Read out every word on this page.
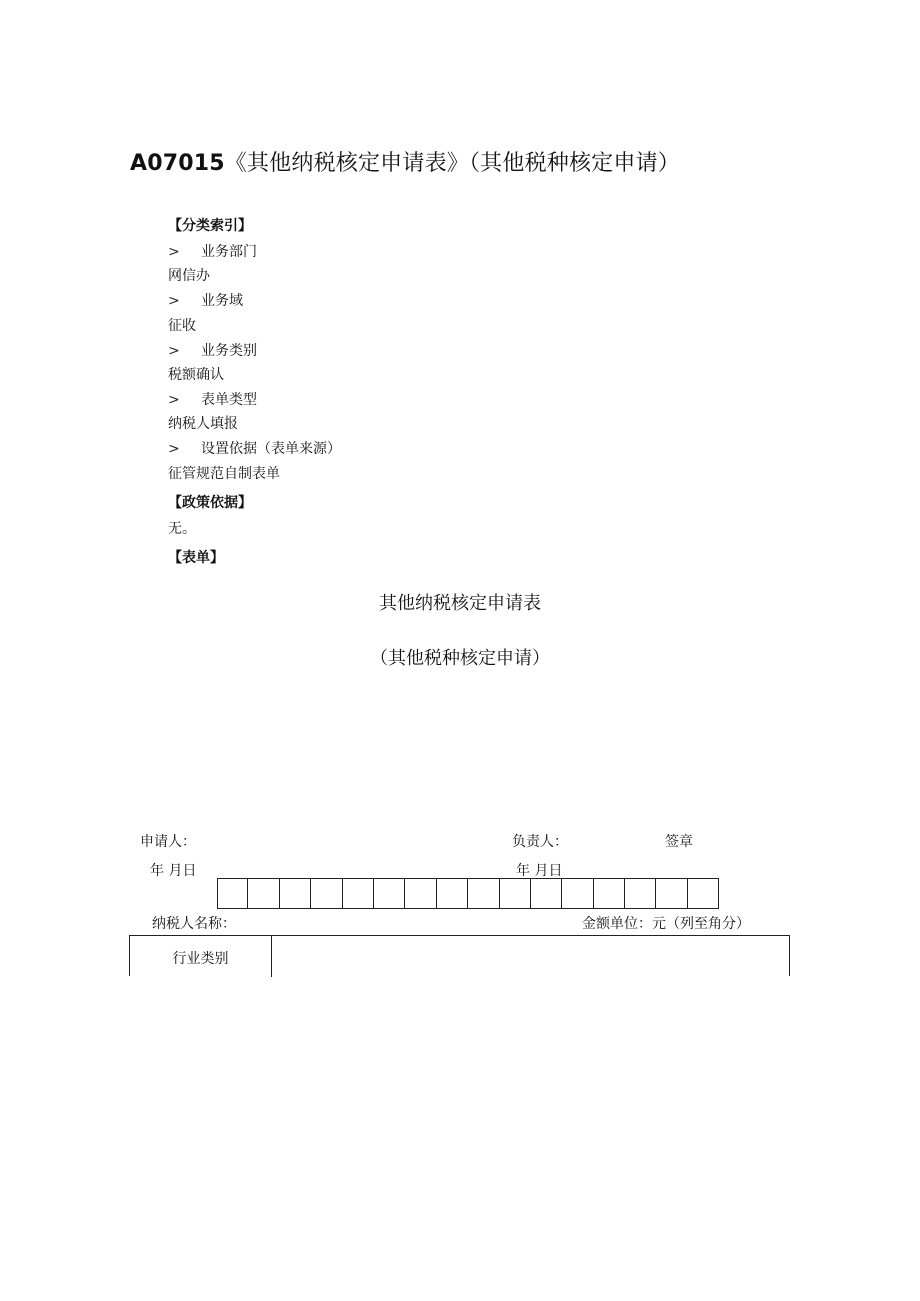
A07015《其他纳税核定申请表》（其他税种核定申请）
【分类索引】
> 业务部门
网信办
> 业务域
征收
> 业务类别
税额确认
> 表单类型
纳税人填报
> 设置依据（表单来源）
征管规范自制表单
【政策依据】
无。
【表单】
其他纳税核定申请表
（其他税种核定申请）
申请人：	负责人：	签章
年 月日	年 月日
纳税人名称：	金额单位：元（列至角分）
行业类别
